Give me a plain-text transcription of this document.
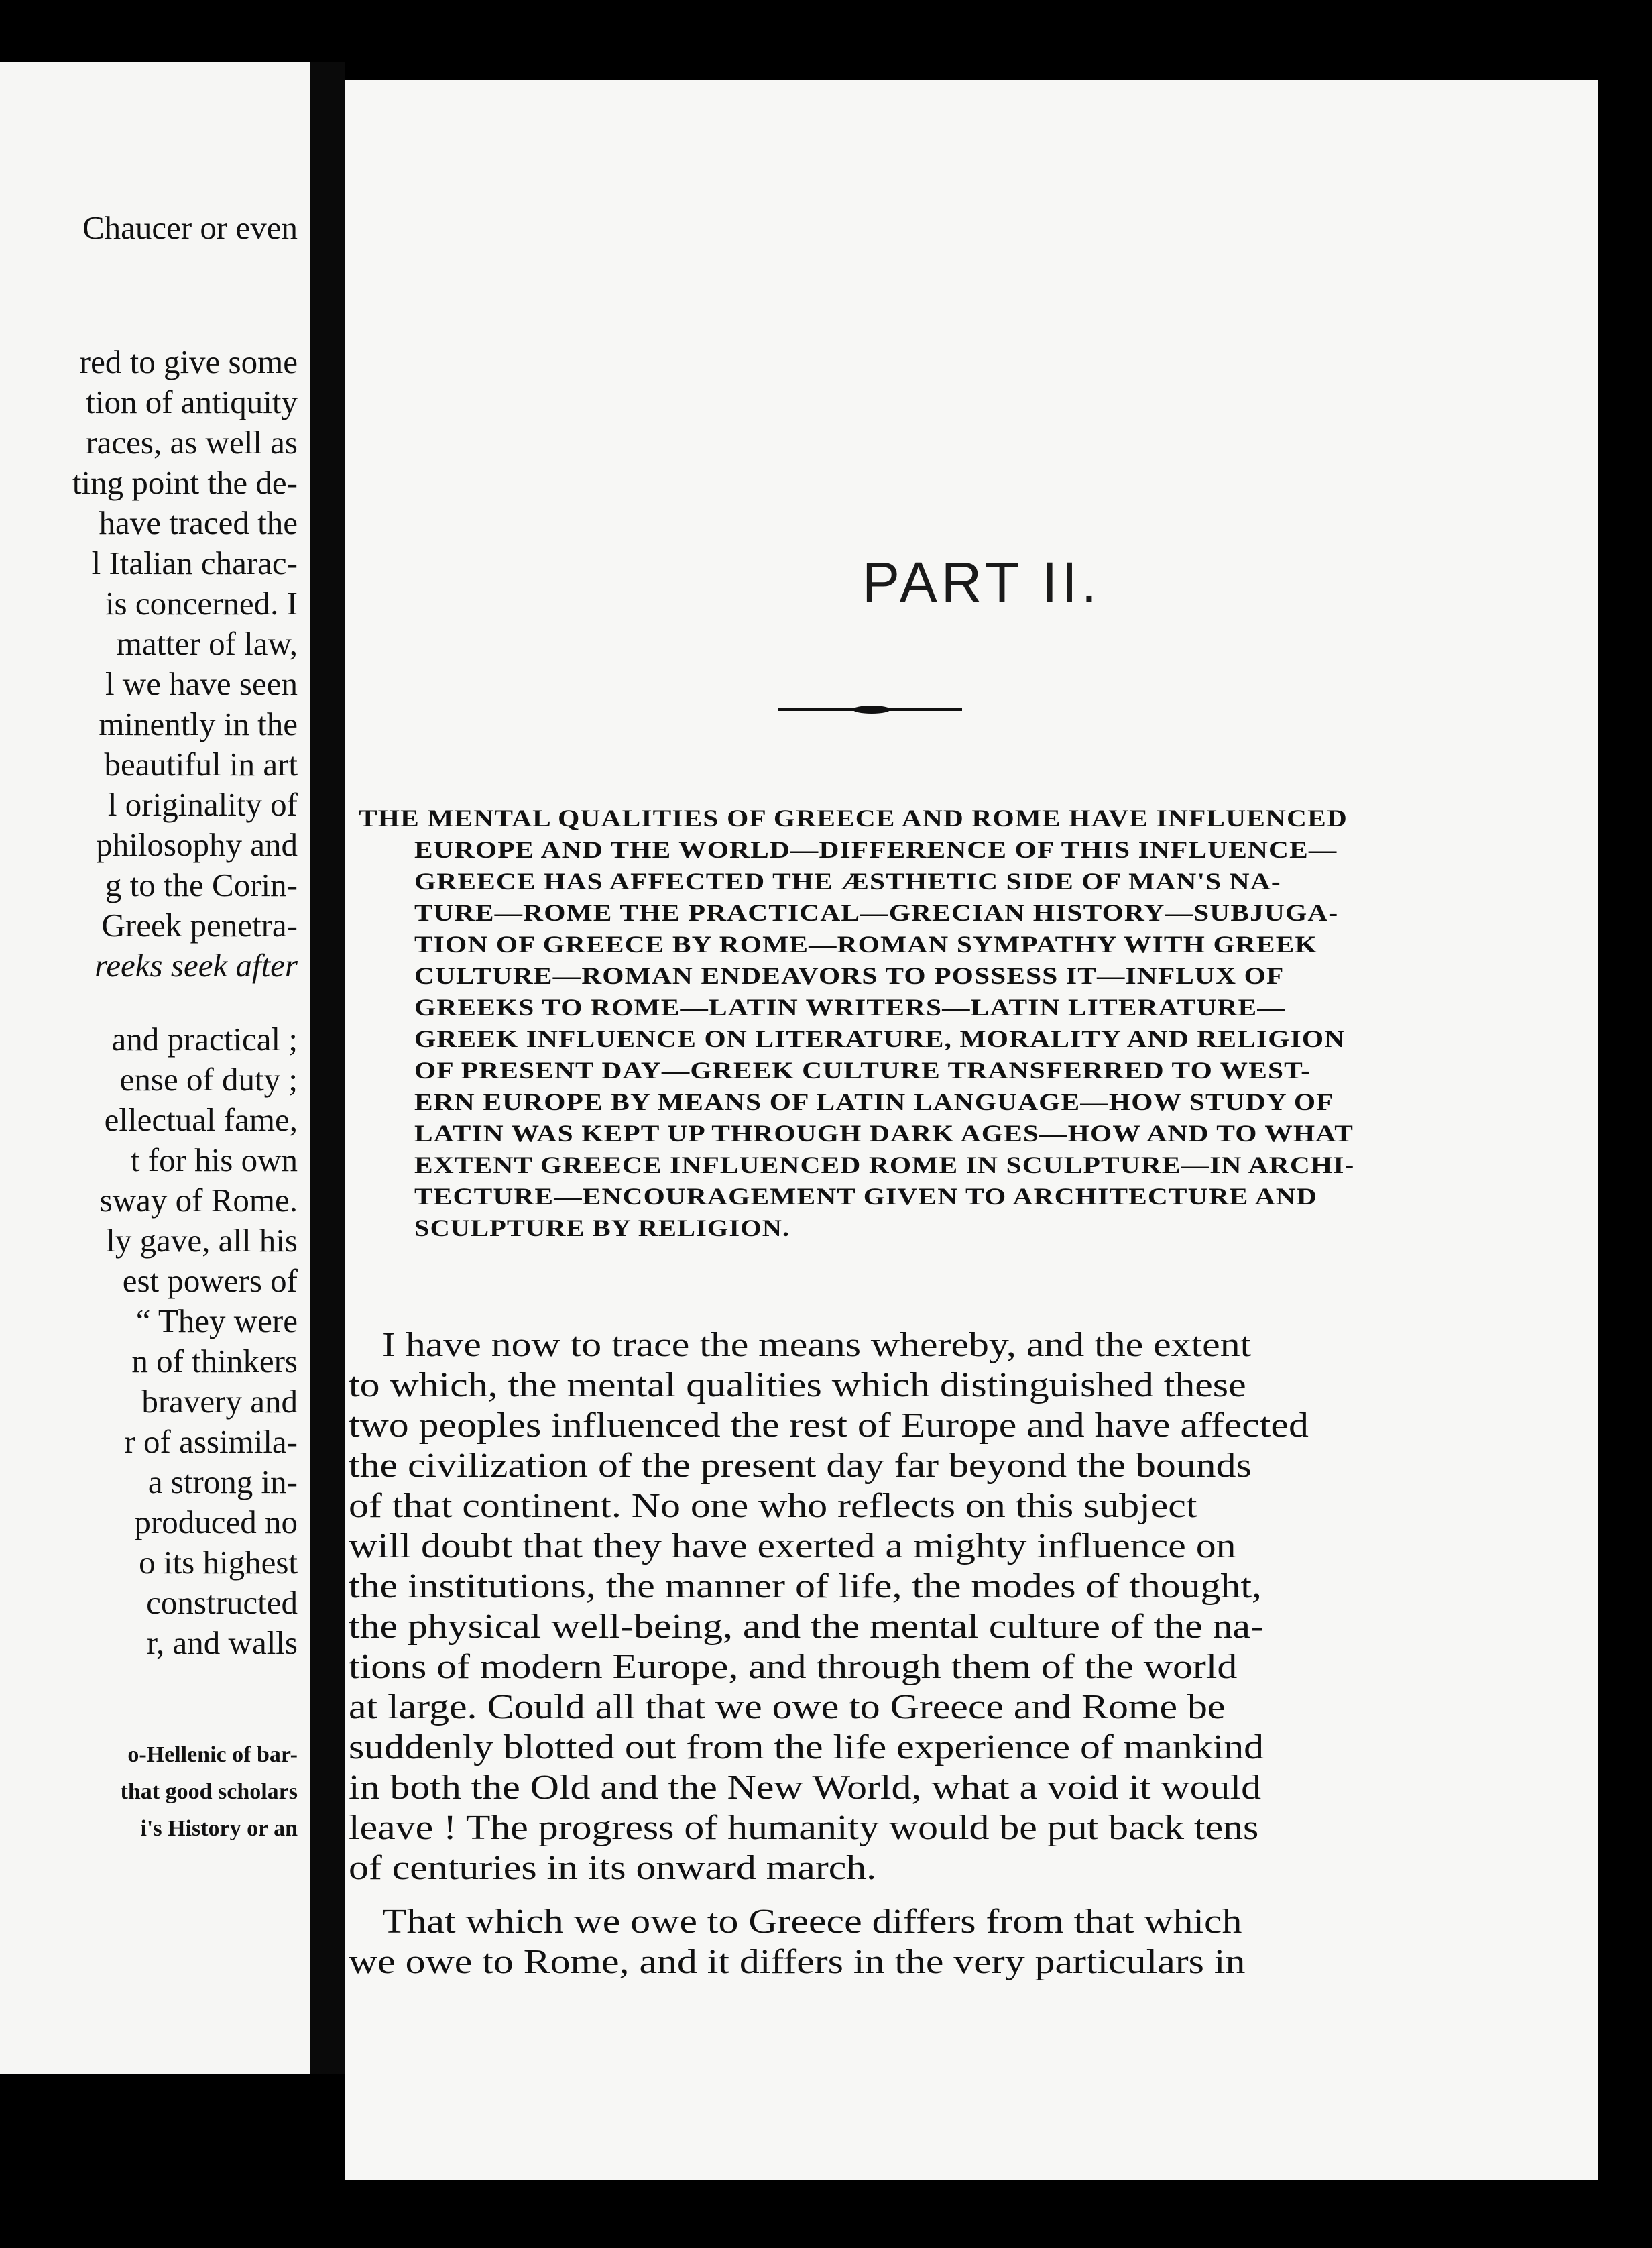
Chaucer or even
red to give some
tion of antiquity
races, as well as
ting point the de-
have traced the
l Italian charac-
is concerned. I
matter of law,
l we have seen
minently in the
beautiful in art
l originality of
philosophy and
g to the Corin-
Greek penetra-
reeks seek after
and practical ;
ense of duty ;
ellectual fame,
t for his own
sway of Rome.
ly gave, all his
est powers of
“ They were
n of thinkers
bravery and
r of assimila-
a strong in-
produced no
o its highest
constructed
r, and walls
o-Hellenic of bar-
that good scholars
i's History or an
PART II.
THE MENTAL QUALITIES OF GREECE AND ROME HAVE INFLUENCED
EUROPE AND THE WORLD—DIFFERENCE OF THIS INFLUENCE—
GREECE HAS AFFECTED THE ÆSTHETIC SIDE OF MAN'S NA-
TURE—ROME THE PRACTICAL—GRECIAN HISTORY—SUBJUGA-
TION OF GREECE BY ROME—ROMAN SYMPATHY WITH GREEK
CULTURE—ROMAN ENDEAVORS TO POSSESS IT—INFLUX OF
GREEKS TO ROME—LATIN WRITERS—LATIN LITERATURE—
GREEK INFLUENCE ON LITERATURE, MORALITY AND RELIGION
OF PRESENT DAY—GREEK CULTURE TRANSFERRED TO WEST-
ERN EUROPE BY MEANS OF LATIN LANGUAGE—HOW STUDY OF
LATIN WAS KEPT UP THROUGH DARK AGES—HOW AND TO WHAT
EXTENT GREECE INFLUENCED ROME IN SCULPTURE—IN ARCHI-
TECTURE—ENCOURAGEMENT GIVEN TO ARCHITECTURE AND
SCULPTURE BY RELIGION.
I have now to trace the means whereby, and the extent
to which, the mental qualities which distinguished these
two peoples influenced the rest of Europe and have affected
the civilization of the present day far beyond the bounds
of that continent. No one who reflects on this subject
will doubt that they have exerted a mighty influence on
the institutions, the manner of life, the modes of thought,
the physical well-being, and the mental culture of the na-
tions of modern Europe, and through them of the world
at large. Could all that we owe to Greece and Rome be
suddenly blotted out from the life experience of mankind
in both the Old and the New World, what a void it would
leave ! The progress of humanity would be put back tens
of centuries in its onward march.
That which we owe to Greece differs from that which
we owe to Rome, and it differs in the very particulars in
